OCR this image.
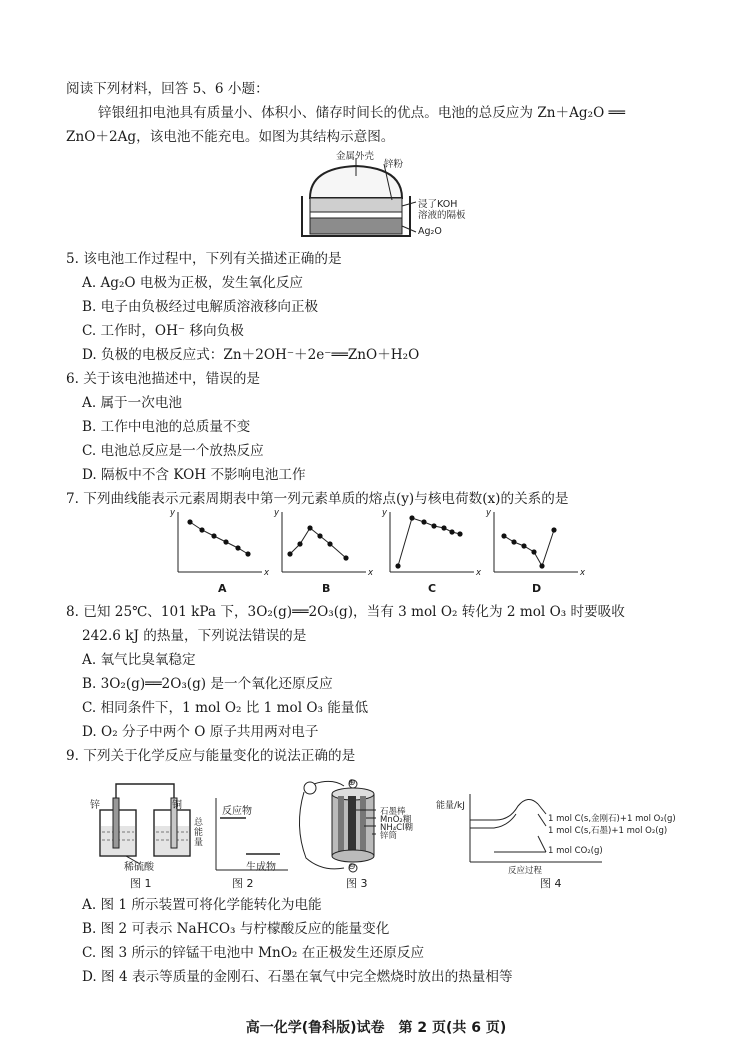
阅读下列材料，回答 5、6 小题：
锌银纽扣电池具有质量小、体积小、储存时间长的优点。电池的总反应为 Zn＋Ag₂O ══
ZnO＋2Ag，该电池不能充电。如图为其结构示意图。
金属外壳
锌粉
浸了KOH
溶液的隔板
Ag₂O
5. 该电池工作过程中，下列有关描述正确的是
A. Ag₂O 电极为正极，发生氧化反应
B. 电子由负极经过电解质溶液移向正极
C. 工作时，OH⁻ 移向负极
D. 负极的电极反应式：Zn＋2OH⁻＋2e⁻══ZnO＋H₂O
6. 关于该电池描述中，错误的是
A. 属于一次电池
B. 工作中电池的总质量不变
C. 电池总反应是一个放热反应
D. 隔板中不含 KOH 不影响电池工作
7. 下列曲线能表示元素周期表中第一列元素单质的熔点(y)与核电荷数(x)的关系的是
y
x
y
x
y
x
y
x
A	B	C	D
8. 已知 25℃、101 kPa 下，3O₂(g)══2O₃(g)，当有 3 mol O₂ 转化为 2 mol O₃ 时要吸收
242.6 kJ 的热量，下列说法错误的是
A. 氧气比臭氧稳定
B. 3O₂(g)══2O₃(g) 是一个氧化还原反应
C. 相同条件下，1 mol O₂ 比 1 mol O₃ 能量低
D. O₂ 分子中两个 O 原子共用两对电子
9. 下列关于化学反应与能量变化的说法正确的是
锌	铜
稀硫酸
图 1
总能量
反应物
生成物
图 2
石墨棒
MnO₂糊
NH₄Cl糊
锌筒
⊕
⊖
图 3
能量/kJ
1 mol C(s,金刚石)+1 mol O₂(g)
1 mol C(s,石墨)+1 mol O₂(g)
1 mol CO₂(g)
反应过程
图 4
A. 图 1 所示装置可将化学能转化为电能
B. 图 2 可表示 NaHCO₃ 与柠檬酸反应的能量变化
C. 图 3 所示的锌锰干电池中 MnO₂ 在正极发生还原反应
D. 图 4 表示等质量的金刚石、石墨在氧气中完全燃烧时放出的热量相等
高一化学(鲁科版)试卷　第 2 页(共 6 页)
